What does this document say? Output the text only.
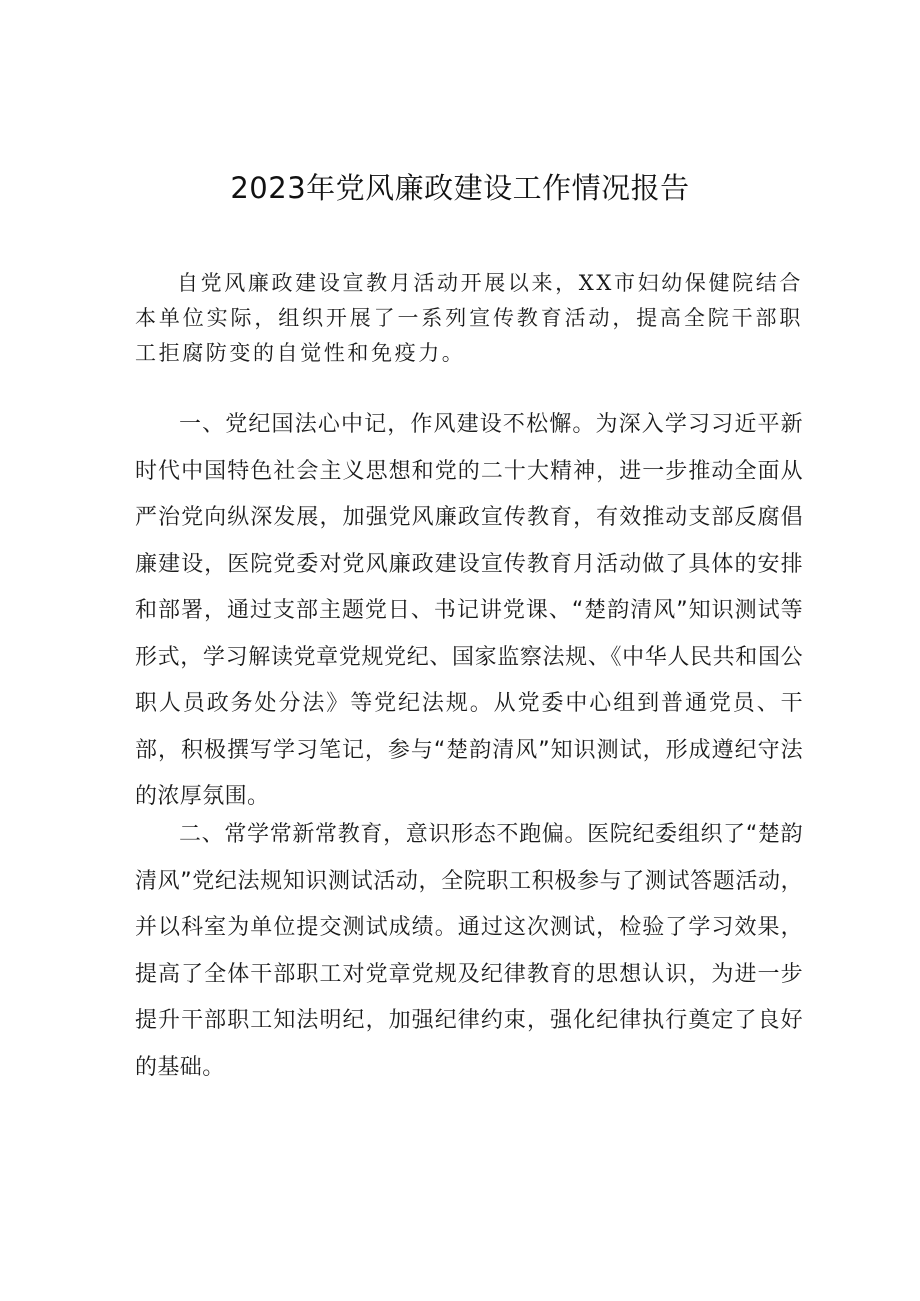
2023年党风廉政建设工作情况报告

自党风廉政建设宣教月活动开展以来，XX市妇幼保健院结合本单位实际，组织开展了一系列宣传教育活动，提高全院干部职工拒腐防变的自觉性和免疫力。

一、党纪国法心中记，作风建设不松懈。为深入学习习近平新时代中国特色社会主义思想和党的二十大精神，进一步推动全面从严治党向纵深发展，加强党风廉政宣传教育，有效推动支部反腐倡廉建设，医院党委对党风廉政建设宣传教育月活动做了具体的安排和部署，通过支部主题党日、书记讲党课、“楚韵清风”知识测试等形式，学习解读党章党规党纪、国家监察法规、《中华人民共和国公职人员政务处分法》等党纪法规。从党委中心组到普通党员、干部，积极撰写学习笔记，参与“楚韵清风”知识测试，形成遵纪守法的浓厚氛围。

二、常学常新常教育，意识形态不跑偏。医院纪委组织了“楚韵清风”党纪法规知识测试活动，全院职工积极参与了测试答题活动，并以科室为单位提交测试成绩。通过这次测试，检验了学习效果，提高了全体干部职工对党章党规及纪律教育的思想认识，为进一步提升干部职工知法明纪，加强纪律约束，强化纪律执行奠定了良好的基础。
